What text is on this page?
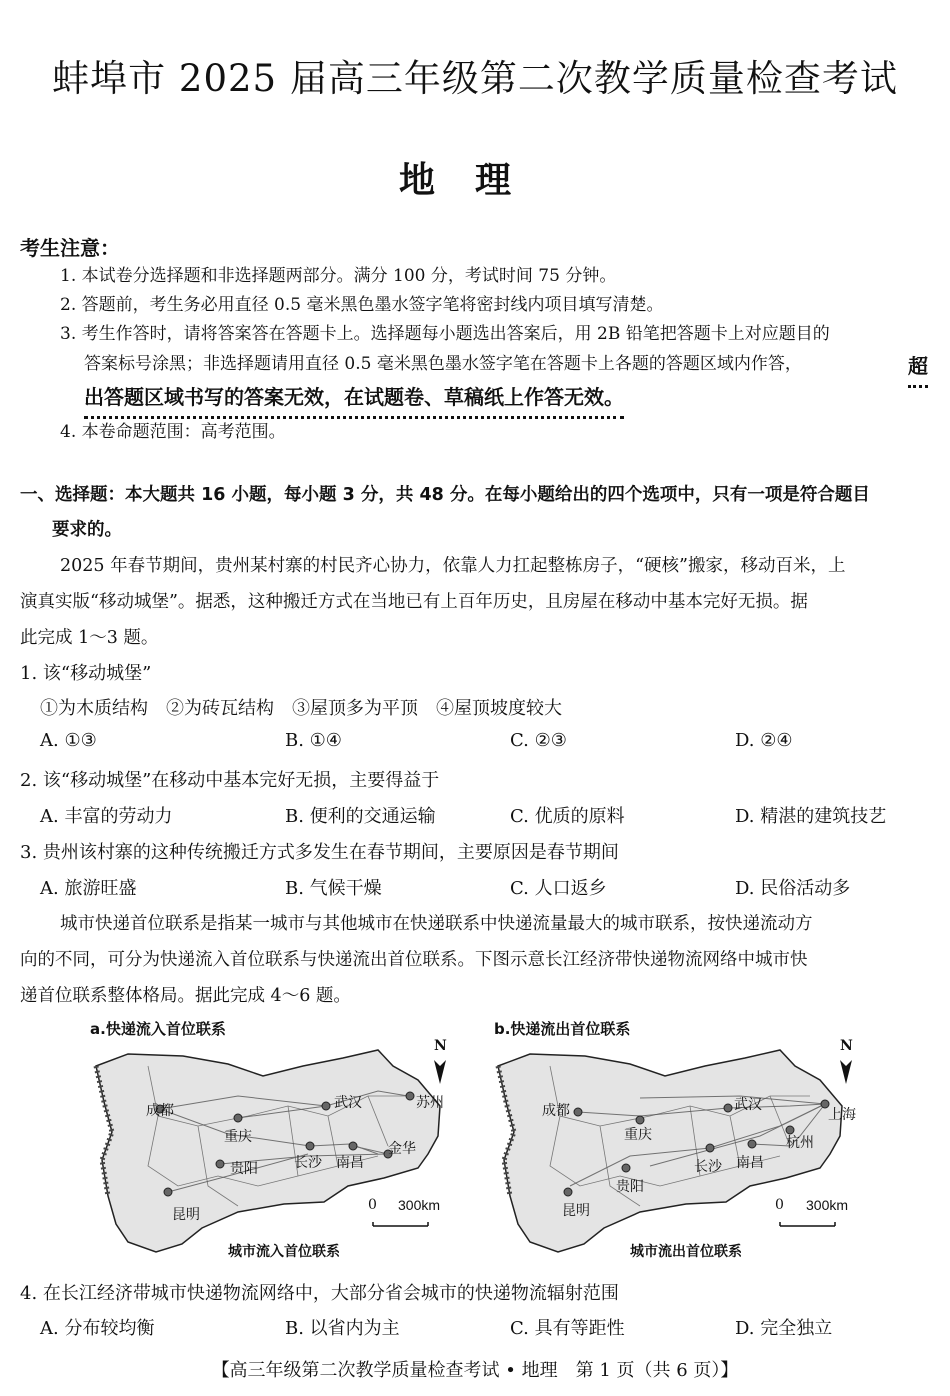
蚌埠市 2025 届高三年级第二次教学质量检查考试
地理
考生注意：
1. 本试卷分选择题和非选择题两部分。满分 100 分，考试时间 75 分钟。
2. 答题前，考生务必用直径 0.5 毫米黑色墨水签字笔将密封线内项目填写清楚。
3. 考生作答时，请将答案答在答题卡上。选择题每小题选出答案后，用 2B 铅笔把答题卡上对应题目的
答案标号涂黑；非选择题请用直径 0.5 毫米黑色墨水签字笔在答题卡上各题的答题区域内作答，	超
出答题区域书写的答案无效，在试题卷、草稿纸上作答无效。
4. 本卷命题范围：高考范围。
一、选择题：本大题共 16 小题，每小题 3 分，共 48 分。在每小题给出的四个选项中，只有一项是符合题目
要求的。
2025 年春节期间，贵州某村寨的村民齐心协力，依靠人力扛起整栋房子，“硬核”搬家，移动百米，上
演真实版“移动城堡”。据悉，这种搬迁方式在当地已有上百年历史，且房屋在移动中基本完好无损。据
此完成 1～3 题。
1. 该“移动城堡”
①为木质结构　②为砖瓦结构　③屋顶多为平顶　④屋顶坡度较大
A. ①③	B. ①④	C. ②③	D. ②④
2. 该“移动城堡”在移动中基本完好无损，主要得益于
A. 丰富的劳动力	B. 便利的交通运输	C. 优质的原料	D. 精湛的建筑技艺
3. 贵州该村寨的这种传统搬迁方式多发生在春节期间，主要原因是春节期间
A. 旅游旺盛	B. 气候干燥	C. 人口返乡	D. 民俗活动多
城市快递首位联系是指某一城市与其他城市在快递联系中快递流量最大的城市联系，按快递流动方
向的不同，可分为快递流入首位联系与快递流出首位联系。下图示意长江经济带快递物流网络中城市快
递首位联系整体格局。据此完成 4～6 题。
a.快递流入首位联系
N
成都	武汉	苏州
重庆
贵阳	长沙 南昌
金华
昆明
0 300km
城市流入首位联系
b.快递流出首位联系
N
成都	武汉
上海
重庆	杭州
长沙 南昌
贵阳
昆明	0 300km
城市流出首位联系
4. 在长江经济带城市快递物流网络中，大部分省会城市的快递物流辐射范围
A. 分布较均衡	B. 以省内为主	C. 具有等距性	D. 完全独立
【高三年级第二次教学质量检查考试 • 地理　第 1 页（共 6 页）】
